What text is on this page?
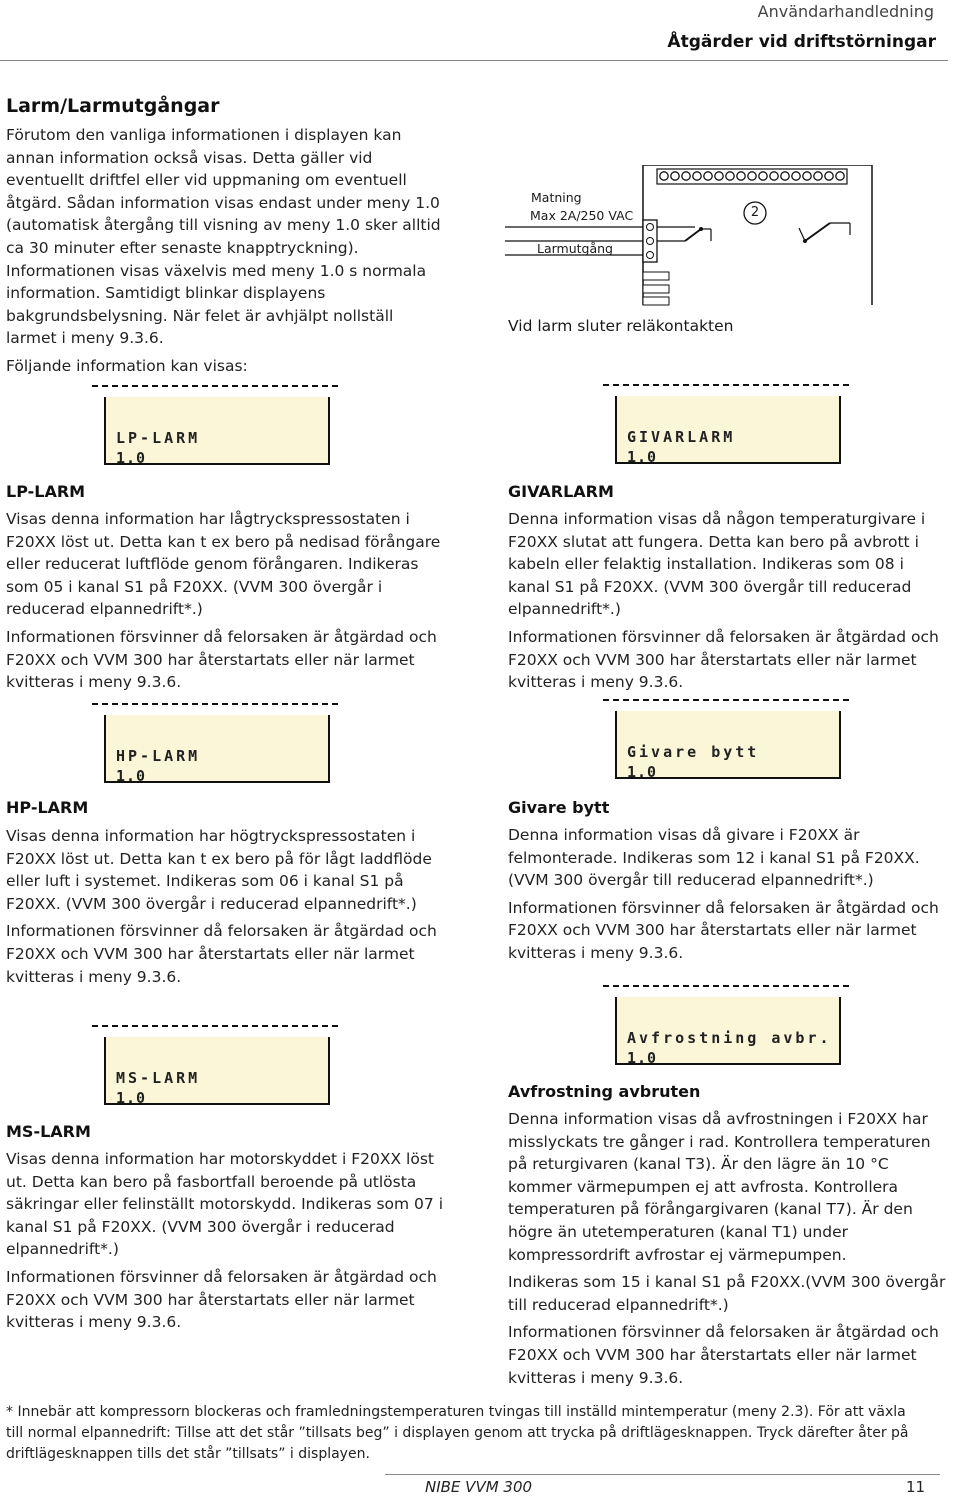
Användarhandledning
Åtgärder vid driftstörningar
Larm/Larmutgångar

Förutom den vanliga informationen i displayen kan annan information också visas. Detta gäller vid eventuellt driftfel eller vid uppmaning om eventuell åtgärd. Sådan information visas endast under meny 1.0 (automatisk återgång till visning av meny 1.0 sker alltid ca 30 minuter efter senaste knapptryckning). Informationen visas växelvis med meny 1.0 s normala information. Samtidigt blinkar displayens bakgrundsbelysning. När felet är avhjälpt nollställ larmet i meny 9.3.6.

Följande information kan visas:

2
Matning
Max 2A/250 VAC
Larmutgång
Vid larm sluter reläkontakten
LP-LARM
1.0
LP-LARM

Visas denna information har lågtryckspressostaten i F20XX löst ut. Detta kan t ex bero på nedisad förångare eller reducerat luftflöde genom förångaren. Indikeras som 05 i kanal S1 på F20XX. (VVM 300 övergår i reducerad elpannedrift*.)

Informationen försvinner då felorsaken är åtgärdad och F20XX och VVM 300 har återstartats eller när larmet kvitteras i meny 9.3.6.

GIVARLARM
1.0
GIVARLARM

Denna information visas då någon temperaturgivare i F20XX slutat att fungera. Detta kan bero på avbrott i kabeln eller felaktig installation. Indikeras som 08 i kanal S1 på F20XX. (VVM 300 övergår till reducerad elpannedrift*.)

Informationen försvinner då felorsaken är åtgärdad och F20XX och VVM 300 har återstartats eller när larmet kvitteras i meny 9.3.6.

HP-LARM
1.0
HP-LARM

Visas denna information har högtryckspressostaten i F20XX löst ut. Detta kan t ex bero på för lågt laddflöde eller luft i systemet. Indikeras som 06 i kanal S1 på F20XX. (VVM 300 övergår i reducerad elpannedrift*.)

Informationen försvinner då felorsaken är åtgärdad och F20XX och VVM 300 har återstartats eller när larmet kvitteras i meny 9.3.6.

Givare bytt
1.0
Givare bytt

Denna information visas då givare i F20XX är felmonterade. Indikeras som 12 i kanal S1 på F20XX. (VVM 300 övergår till reducerad elpannedrift*.)

Informationen försvinner då felorsaken är åtgärdad och F20XX och VVM 300 har återstartats eller när larmet kvitteras i meny 9.3.6.

MS-LARM
1.0
MS-LARM

Visas denna information har motorskyddet i F20XX löst ut. Detta kan bero på fasbortfall beroende på utlösta säkringar eller felinställt motorskydd. Indikeras som 07 i kanal S1 på F20XX. (VVM 300 övergår i reducerad elpannedrift*.)

Informationen försvinner då felorsaken är åtgärdad och F20XX och VVM 300 har återstartats eller när larmet kvitteras i meny 9.3.6.

Avfrostning avbr.
1.0
Avfrostning avbruten

Denna information visas då avfrostningen i F20XX har misslyckats tre gånger i rad. Kontrollera temperaturen på returgivaren (kanal T3). Är den lägre än 10 °C kommer värmepumpen ej att avfrosta. Kontrollera temperaturen på förångargivaren (kanal T7). Är den högre än utetemperaturen (kanal T1) under kompressordrift avfrostar ej värmepumpen.

Indikeras som 15 i kanal S1 på F20XX.(VVM 300 övergår till reducerad elpannedrift*.)

Informationen försvinner då felorsaken är åtgärdad och F20XX och VVM 300 har återstartats eller när larmet kvitteras i meny 9.3.6.

* Innebär att kompressorn blockeras och framledningstemperaturen tvingas till inställd mintemperatur (meny 2.3). För att växla till normal elpannedrift: Tillse att det står ”tillsats beg” i displayen genom att trycka på driftlägesknappen. Tryck därefter åter på driftlägesknappen tills det står ”tillsats” i displayen.
NIBE VVM 300	11
